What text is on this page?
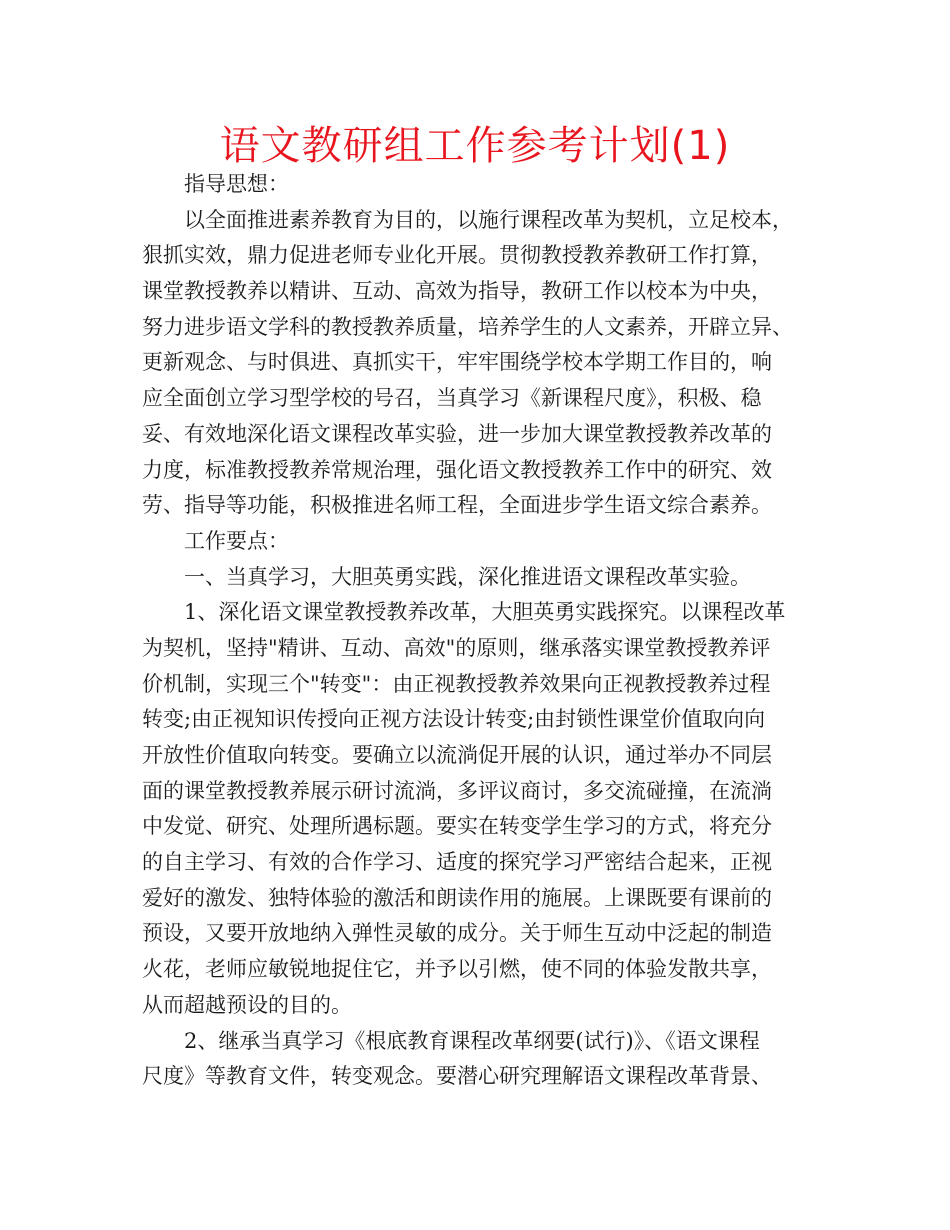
语文教研组工作参考计划(1)
指导思想：
以全面推进素养教育为目的，以施行课程改革为契机，立足校本，
狠抓实效，鼎力促进老师专业化开展。贯彻教授教养教研工作打算，
课堂教授教养以精讲、互动、高效为指导，教研工作以校本为中央，
努力进步语文学科的教授教养质量，培养学生的人文素养，开辟立异、
更新观念、与时俱进、真抓实干，牢牢围绕学校本学期工作目的，响
应全面创立学习型学校的号召，当真学习《新课程尺度》，积极、稳
妥、有效地深化语文课程改革实验，进一步加大课堂教授教养改革的
力度，标准教授教养常规治理，强化语文教授教养工作中的研究、效
劳、指导等功能，积极推进名师工程，全面进步学生语文综合素养。
工作要点：
一、当真学习，大胆英勇实践，深化推进语文课程改革实验。
1、深化语文课堂教授教养改革，大胆英勇实践探究。以课程改革
为契机，坚持"精讲、互动、高效"的原则，继承落实课堂教授教养评
价机制，实现三个"转变"：由正视教授教养效果向正视教授教养过程
转变;由正视知识传授向正视方法设计转变;由封锁性课堂价值取向向
开放性价值取向转变。要确立以流淌促开展的认识，通过举办不同层
面的课堂教授教养展示研讨流淌，多评议商讨，多交流碰撞，在流淌
中发觉、研究、处理所遇标题。要实在转变学生学习的方式，将充分
的自主学习、有效的合作学习、适度的探究学习严密结合起来，正视
爱好的激发、独特体验的激活和朗读作用的施展。上课既要有课前的
预设，又要开放地纳入弹性灵敏的成分。关于师生互动中泛起的制造
火花，老师应敏锐地捉住它，并予以引燃，使不同的体验发散共享，
从而超越预设的目的。
2、继承当真学习《根底教育课程改革纲要(试行)》、《语文课程
尺度》等教育文件，转变观念。要潜心研究理解语文课程改革背景、
